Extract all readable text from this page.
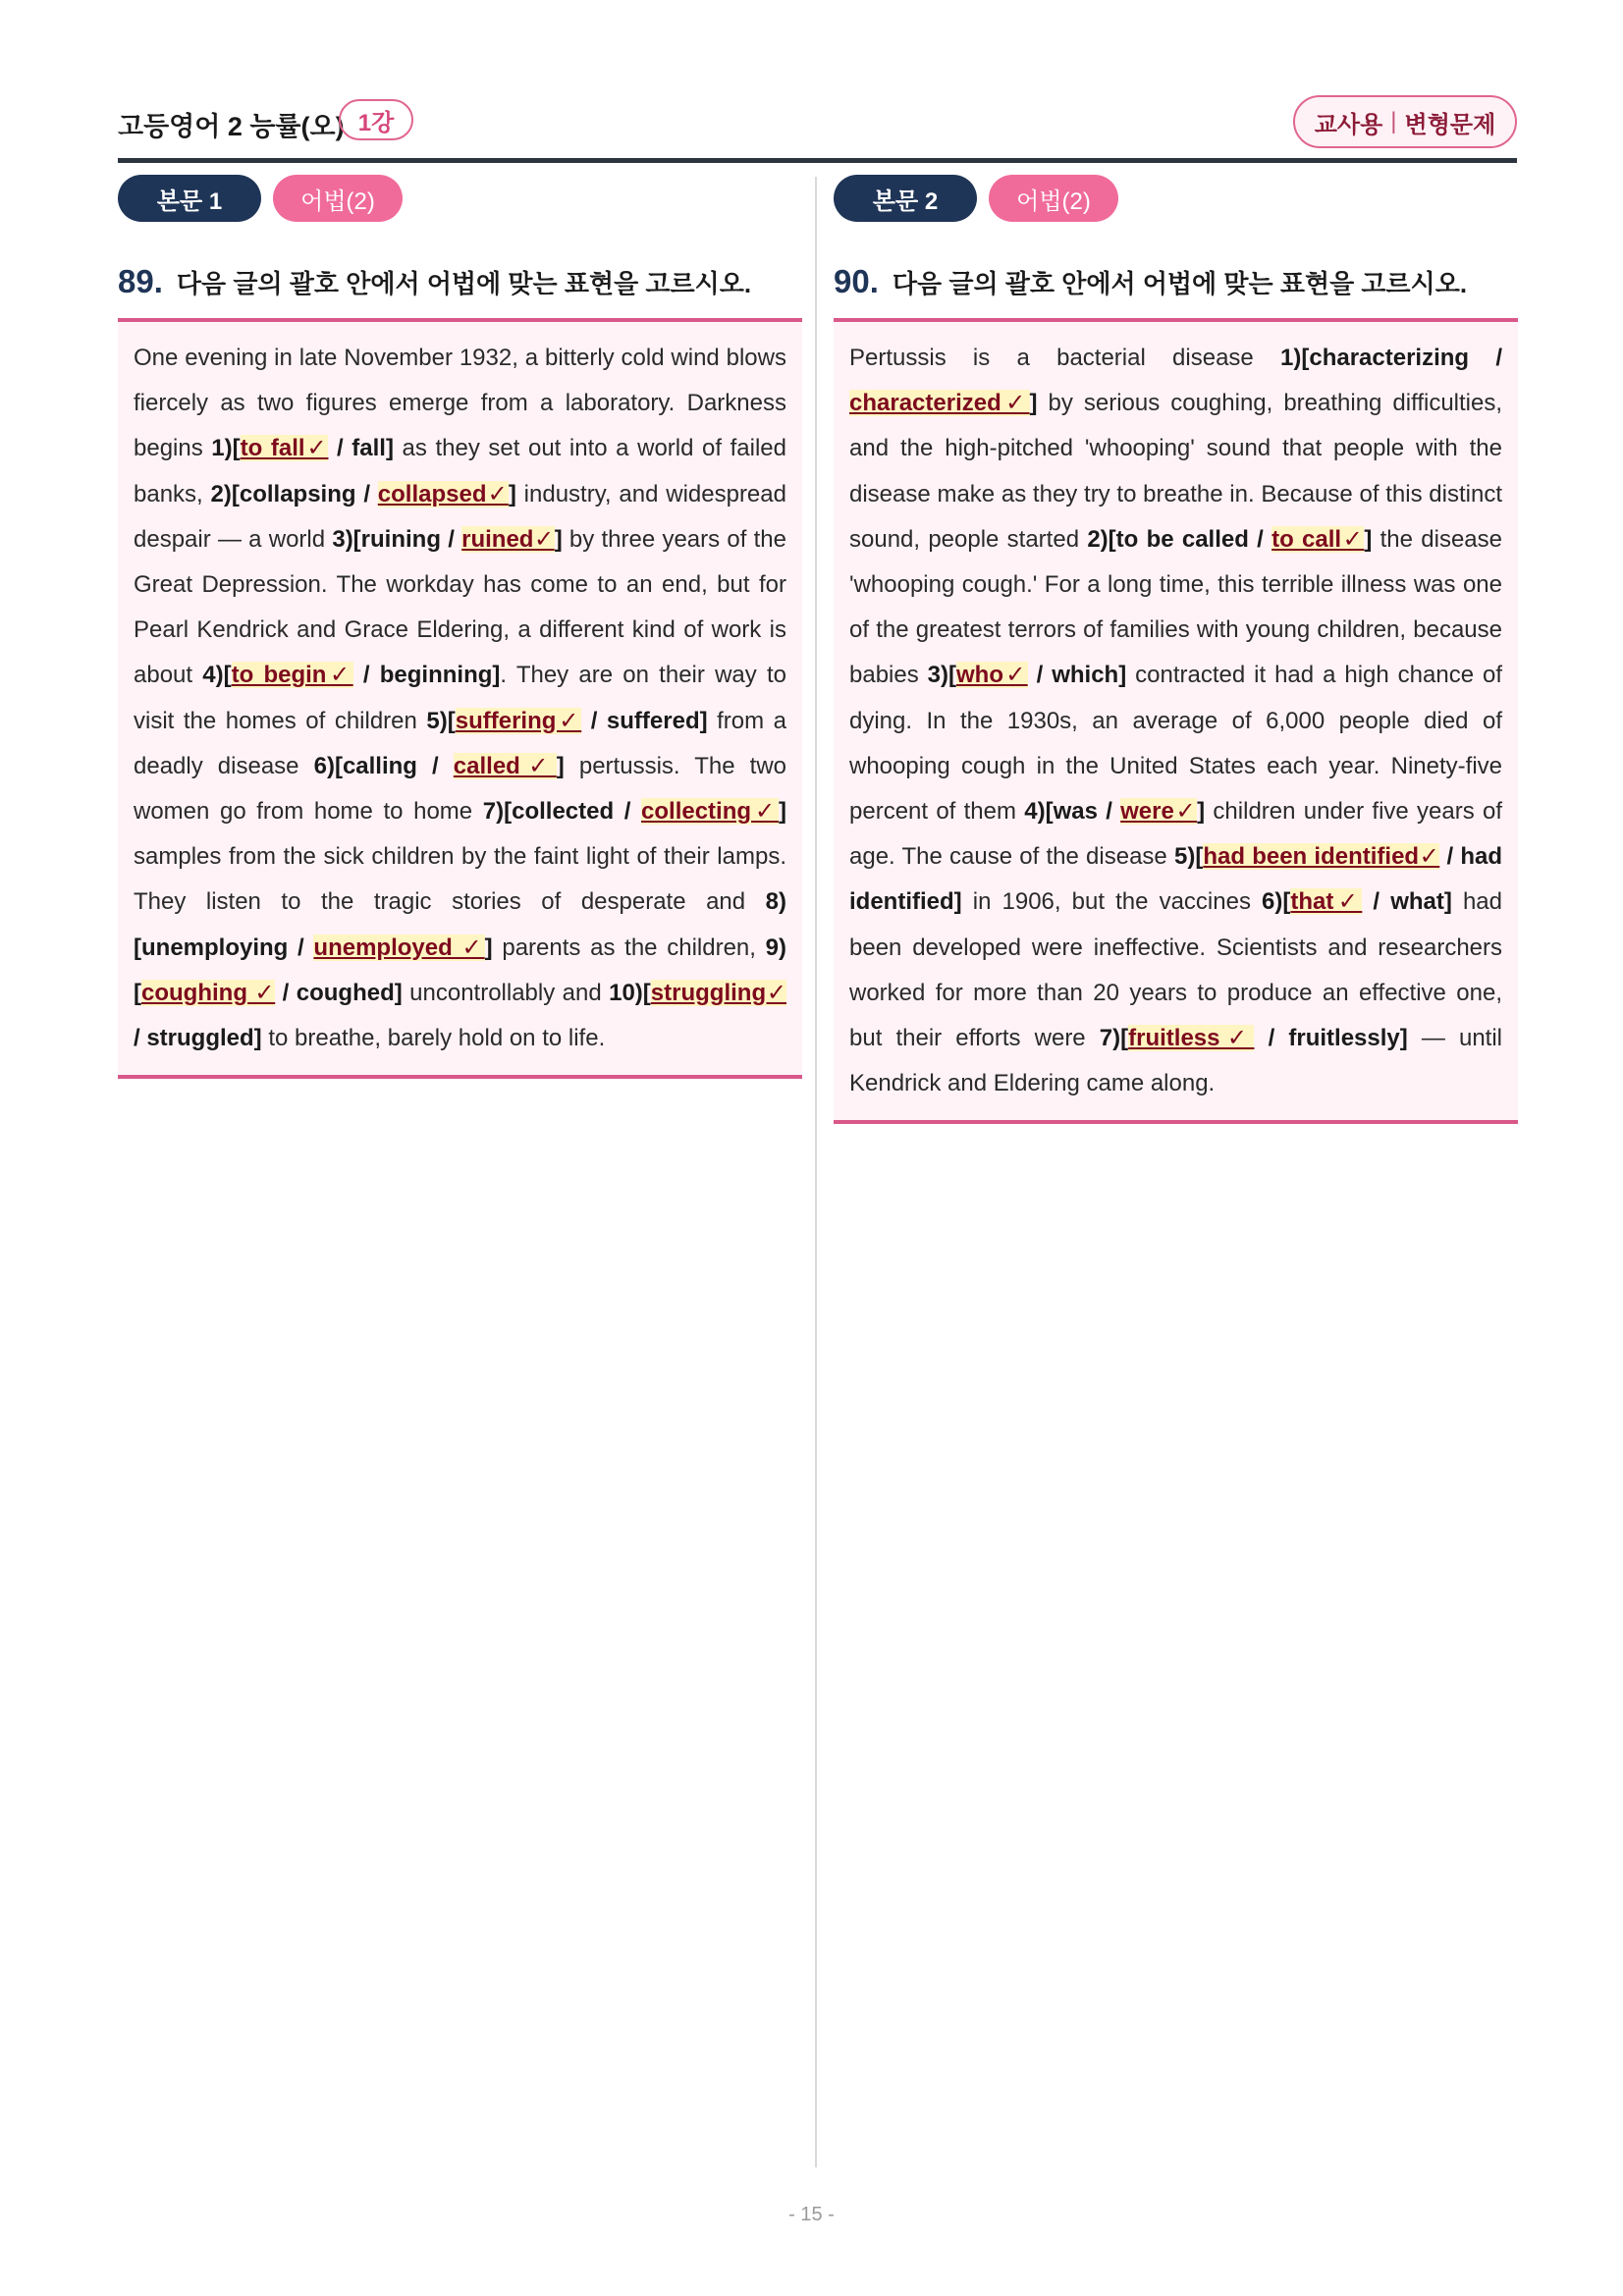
고등영어 2 능률(오) 1강	교사용 | 변형문제
본문 1	어법(2)
89. 다음 글의 괄호 안에서 어법에 맞는 표현을 고르시오.
One evening in late November 1932, a bitterly cold wind blows fiercely as two figures emerge from a laboratory. Darkness begins 1)[to fall✓ / fall] as they set out into a world of failed banks, 2)[collapsing / collapsed✓] industry, and widespread despair — a world 3)[ruining / ruined✓] by three years of the Great Depression. The workday has come to an end, but for Pearl Kendrick and Grace Eldering, a different kind of work is about 4)[to begin✓ / beginning]. They are on their way to visit the homes of children 5)[suffering✓ / suffered] from a deadly disease 6)[calling / called✓] pertussis. The two women go from home to home 7)[collected / collecting✓] samples from the sick children by the faint light of their lamps. They listen to the tragic stories of desperate and 8)[unemploying / unemployed ✓] parents as the children, 9)[coughing ✓ / coughed] uncontrollably and 10)[struggling✓ / struggled] to breathe, barely hold on to life.
본문 2	어법(2)
90. 다음 글의 괄호 안에서 어법에 맞는 표현을 고르시오.
Pertussis is a bacterial disease 1)[characterizing / characterized✓] by serious coughing, breathing difficulties, and the high-pitched 'whooping' sound that people with the disease make as they try to breathe in. Because of this distinct sound, people started 2)[to be called / to call✓] the disease 'whooping cough.' For a long time, this terrible illness was one of the greatest terrors of families with young children, because babies 3)[who✓ / which] contracted it had a high chance of dying. In the 1930s, an average of 6,000 people died of whooping cough in the United States each year. Ninety-five percent of them 4)[was / were✓] children under five years of age. The cause of the disease 5)[had been identified✓ / had identified] in 1906, but the vaccines 6)[that✓ / what] had been developed were ineffective. Scientists and researchers worked for more than 20 years to produce an effective one, but their efforts were 7)[fruitless✓ / fruitlessly] — until Kendrick and Eldering came along.
- 15 -
